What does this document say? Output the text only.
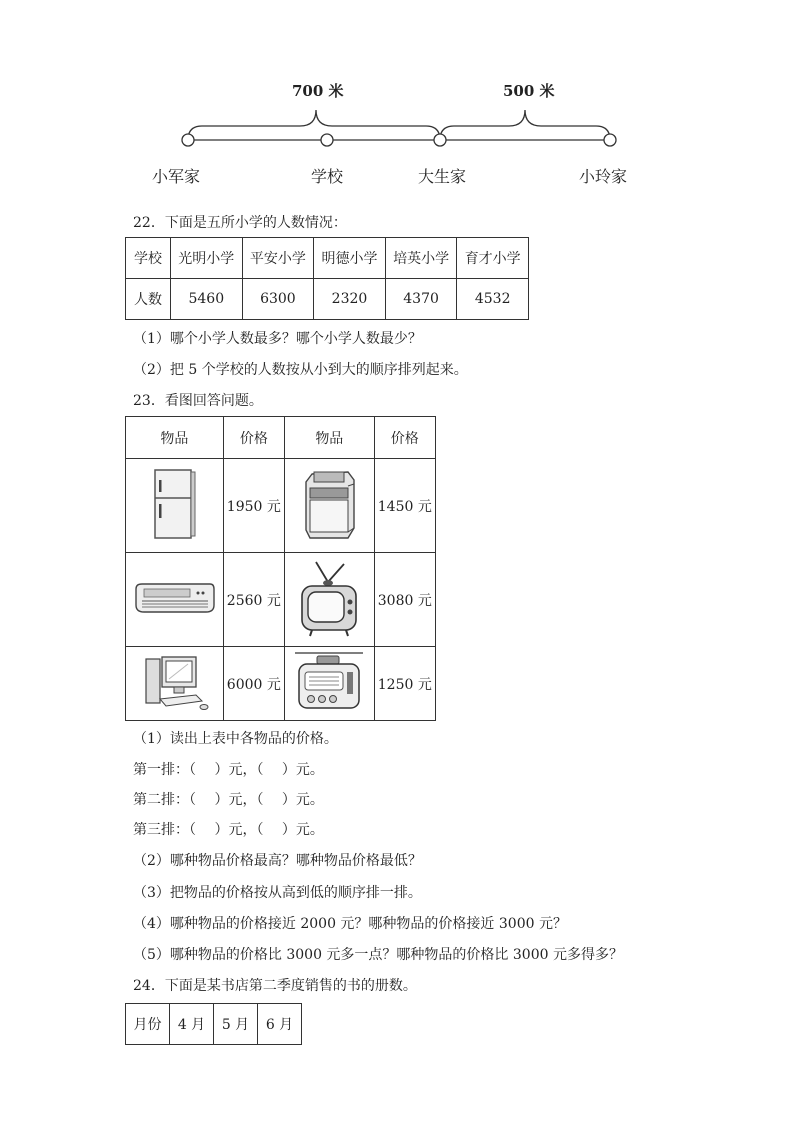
700 米	500 米
小军家	学校	大生家	小玲家
22．下面是五所小学的人数情况：
学校	光明小学	平安小学	明德小学	培英小学	育才小学
人数	5460	6300	2320	4370	4532
（1）哪个小学人数最多？哪个小学人数最少？
（2）把 5 个学校的人数按从小到大的顺序排列起来。
23．看图回答问题。
物品	价格	物品	价格
	1950 元		1450 元
	2560 元		3080 元
	6000 元		1250 元
（1）读出上表中各物品的价格。
第一排：（　 ）元，（　 ）元。
第二排：（　 ）元，（　 ）元。
第三排：（　 ）元，（　 ）元。
（2）哪种物品价格最高？哪种物品价格最低？
（3）把物品的价格按从高到低的顺序排一排。
（4）哪种物品的价格接近 2000 元？哪种物品的价格接近 3000 元？
（5）哪种物品的价格比 3000 元多一点？哪种物品的价格比 3000 元多得多？
24．下面是某书店第二季度销售的书的册数。
月份	4 月	5 月	6 月
